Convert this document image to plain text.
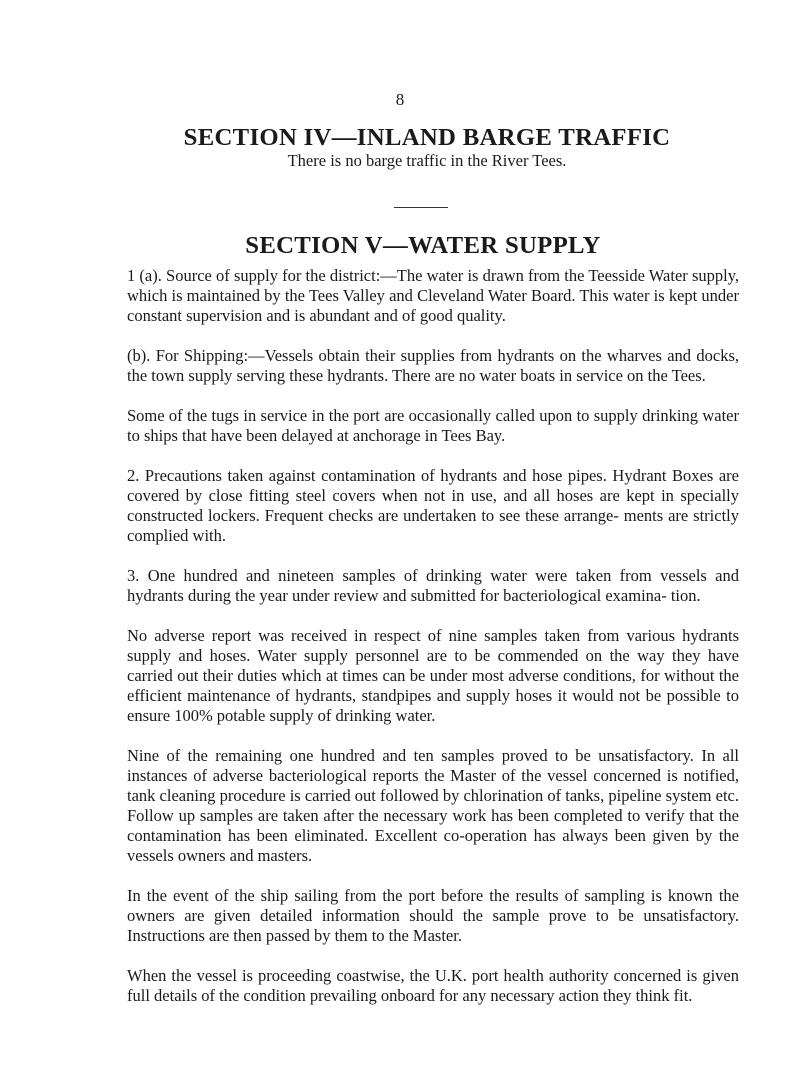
8
SECTION IV—INLAND BARGE TRAFFIC
There is no barge traffic in the River Tees.
SECTION V—WATER SUPPLY

1 (a). Source of supply for the district:—The water is drawn from the Teesside Water supply, which is maintained by the Tees Valley and Cleveland Water Board. This water is kept under constant supervision and is abundant and of good quality.

(b). For Shipping:—Vessels obtain their supplies from hydrants on the wharves and docks, the town supply serving these hydrants. There are no water boats in service on the Tees.

Some of the tugs in service in the port are occasionally called upon to supply drinking water to ships that have been delayed at anchorage in Tees Bay.

2. Precautions taken against contamination of hydrants and hose pipes. Hydrant Boxes are covered by close fitting steel covers when not in use, and all hoses are kept in specially constructed lockers. Frequent checks are undertaken to see these arrange- ments are strictly complied with.

3. One hundred and nineteen samples of drinking water were taken from vessels and hydrants during the year under review and submitted for bacteriological examina- tion.

No adverse report was received in respect of nine samples taken from various hydrants supply and hoses. Water supply personnel are to be commended on the way they have carried out their duties which at times can be under most adverse conditions, for without the efficient maintenance of hydrants, standpipes and supply hoses it would not be possible to ensure 100% potable supply of drinking water.

Nine of the remaining one hundred and ten samples proved to be unsatisfactory. In all instances of adverse bacteriological reports the Master of the vessel concerned is notified, tank cleaning procedure is carried out followed by chlorination of tanks, pipeline system etc. Follow up samples are taken after the necessary work has been completed to verify that the contamination has been eliminated. Excellent co-operation has always been given by the vessels owners and masters.

In the event of the ship sailing from the port before the results of sampling is known the owners are given detailed information should the sample prove to be unsatisfactory. Instructions are then passed by them to the Master.

When the vessel is proceeding coastwise, the U.K. port health authority concerned is given full details of the condition prevailing onboard for any necessary action they think fit.
